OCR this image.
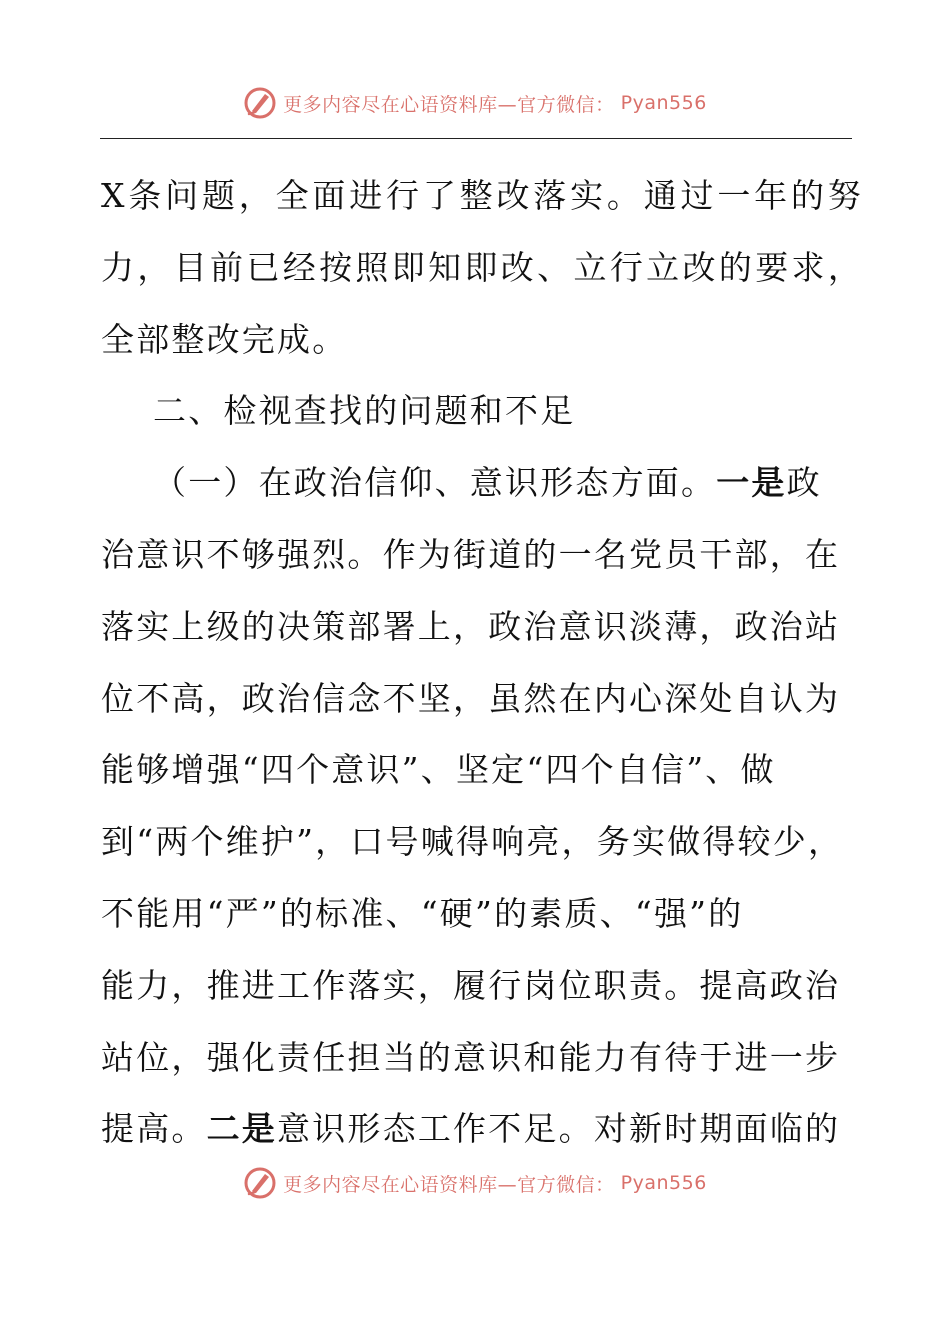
更多内容尽在心语资料库—官方微信： Pyan556
X 条 问 题 ， 全 面 进 行 了 整 改 落 实 。 通 过 一 年 的 努
力 ， 目 前 已 经 按 照 即 知 即 改 、 立 行 立 改 的 要 求 ，
全部整改完成。
二、检视查找的问题和不足
（一）在政治信仰、意识形态方面。一是政
治意识不够强烈。作为街道的一名党员干部，在
落实上级的决策部署上，政治意识淡薄，政治站
位不高，政治信念不坚，虽然在内心深处自认为
能够增强“四个意识”、坚定“四个自信”、做
到“两个维护”，口号喊得响亮，务实做得较少，
不能用“严”的标准、“硬”的素质、“强”的
能力，推进工作落实，履行岗位职责。提高政治
站位，强化责任担当的意识和能力有待于进一步
提高。二是意识形态工作不足。对新时期面临的
更多内容尽在心语资料库—官方微信： Pyan556
